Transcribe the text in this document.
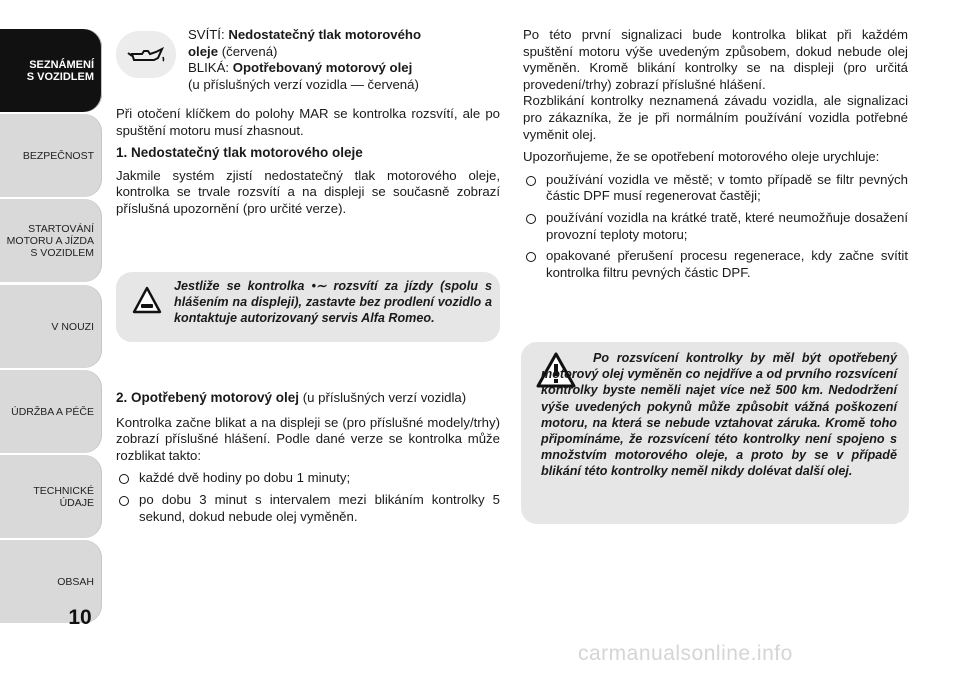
SEZNÁMENÍ
S VOZIDLEM
BEZPEČNOST
STARTOVÁNÍ
MOTORU A JÍZDA
S VOZIDLEM
V NOUZI
ÚDRŽBA A PÉČE
TECHNICKÉ
ÚDAJE
OBSAH
10
SVÍTÍ: Nedostatečný tlak motorového
oleje (červená)
BLIKÁ: Opotřebovaný motorový olej
(u příslušných verzí vozidla — červená)

Při otočení klíčkem do polohy MAR se kontrolka rozsvítí, ale po spuštění motoru musí zhasnout.

1. Nedostatečný tlak motorového oleje

Jakmile systém zjistí nedostatečný tlak motorového oleje, kontrolka se trvale rozsvítí a na displeji se současně zobrazí příslušná upozornění (pro určité verze).

Jestliže se kontrolka •∼ rozsvítí za jízdy (spolu s hlášením na displeji), zastavte bez prodlení vozidlo a kontaktuje autorizovaný servis Alfa Romeo.
2. Opotřebený motorový olej (u příslušných verzí vozidla)

Kontrolka začne blikat a na displeji se (pro příslušné modely/trhy) zobrazí příslušné hlášení. Podle dané verze se kontrolka může rozblikat takto:

každé dvě hodiny po dobu 1 minuty;
po dobu 3 minut s intervalem mezi blikáním kontrolky 5 sekund, dokud nebude olej vyměněn.

Po této první signalizaci bude kontrolka blikat při každém spuštění motoru výše uvedeným způsobem, dokud nebude olej vyměněn. Kromě blikání kontrolky se na displeji (pro určitá provedení/trhy) zobrazí příslušné hlášení.

Rozblikání kontrolky neznamená závadu vozidla, ale signalizaci pro zákazníka, že je při normálním používání vozidla potřebné vyměnit olej.

Upozorňujeme, že se opotřebení motorového oleje urychluje:

používání vozidla ve městě; v tomto případě se filtr pevných částic DPF musí regenerovat častěji;
používání vozidla na krátké tratě, které neumožňuje dosažení provozní teploty motoru;
opakované přerušení procesu regenerace, kdy začne svítit kontrolka filtru pevných částic DPF.
Po rozsvícení kontrolky by měl být opotřebený motorový olej vyměněn co nejdříve a od prvního rozsvícení kontrolky byste neměli najet více než 500 km. Nedodržení výše uvedených pokynů může způsobit vážná poškození motoru, na která se nebude vztahovat záruka. Kromě toho připomínáme, že rozsvícení této kontrolky není spojeno s množstvím motorového oleje, a proto by se v případě blikání této kontrolky neměl nikdy dolévat další olej.
carmanualsonline.info
